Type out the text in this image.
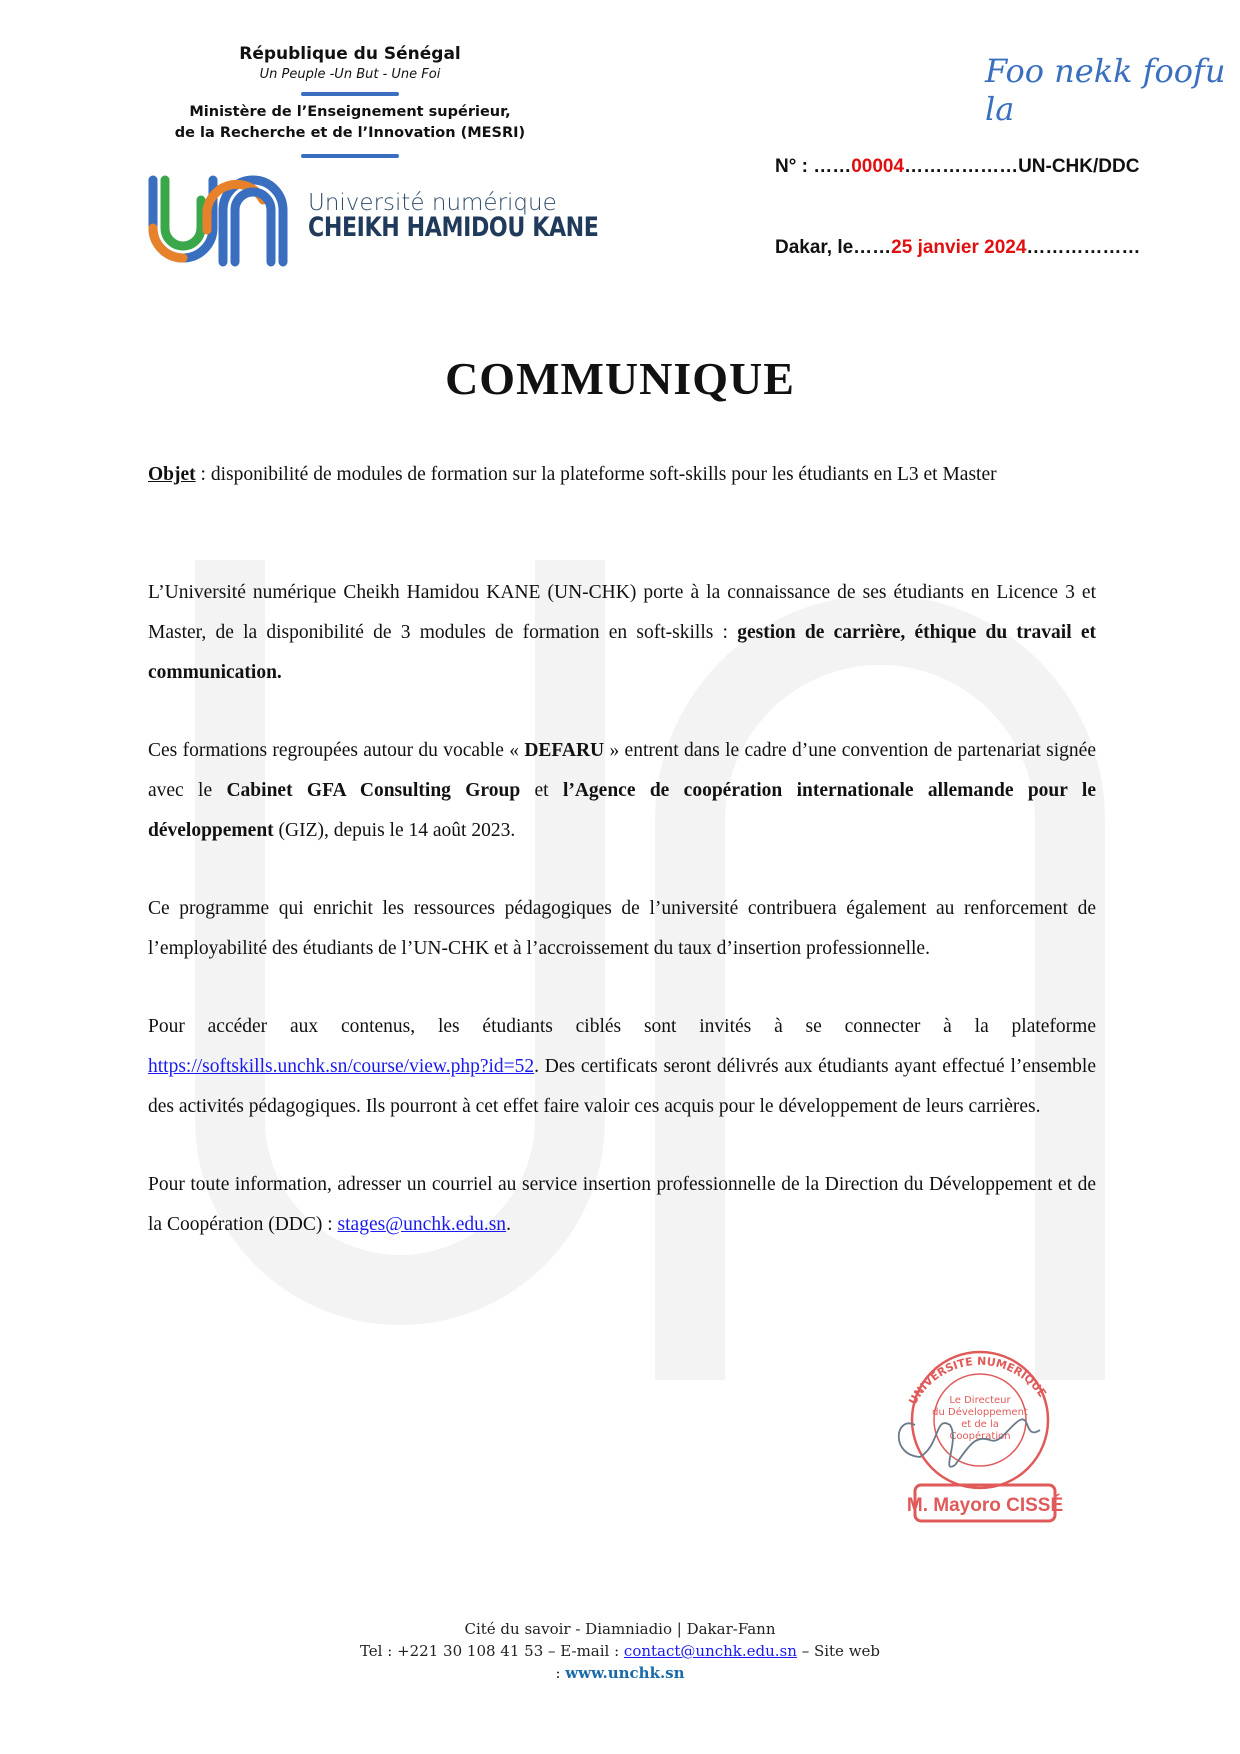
République du Sénégal
Un Peuple -Un But - Une Foi
Ministère de l’Enseignement supérieur,
de la Recherche et de l’Innovation (MESRI)
Université numérique
CHEIKH HAMIDOU KANE
Foo nekk foofu la
N° : ……00004………………UN-CHK/DDC
Dakar, le……25 janvier 2024………………
COMMUNIQUE

Objet : disponibilité de modules de formation sur la plateforme soft-skills pour les étudiants en L3 et Master

L’Université numérique Cheikh Hamidou KANE (UN-CHK) porte à la connaissance de ses étudiants en Licence 3 et Master, de la disponibilité de 3 modules de formation en soft-skills : gestion de carrière, éthique du travail et communication.

Ces formations regroupées autour du vocable « DEFARU » entrent dans le cadre d’une convention de partenariat signée avec le Cabinet GFA Consulting Group et l’Agence de coopération internationale allemande pour le développement (GIZ), depuis le 14 août 2023.

Ce programme qui enrichit les ressources pédagogiques de l’université contribuera également au renforcement de l’employabilité des étudiants de l’UN-CHK et à l’accroissement du taux d’insertion professionnelle.

Pour accéder aux contenus, les étudiants ciblés sont invités à se connecter à la plateforme https://softskills.unchk.sn/course/view.php?id=52. Des certificats seront délivrés aux étudiants ayant effectué l’ensemble des activités pédagogiques. Ils pourront à cet effet faire valoir ces acquis pour le développement de leurs carrières.

Pour toute information, adresser un courriel au service insertion professionnelle de la Direction du Développement et de la Coopération (DDC) : stages@unchk.edu.sn.

UNIVERSITE NUMERIQUE
Le Directeur
du Développement
et de la
Coopération
M. Mayoro CISSÉ
Cité du savoir - Diamniadio | Dakar-Fann
Tel : +221 30 108 41 53 – E-mail : contact@unchk.edu.sn – Site web
: www.unchk.sn
